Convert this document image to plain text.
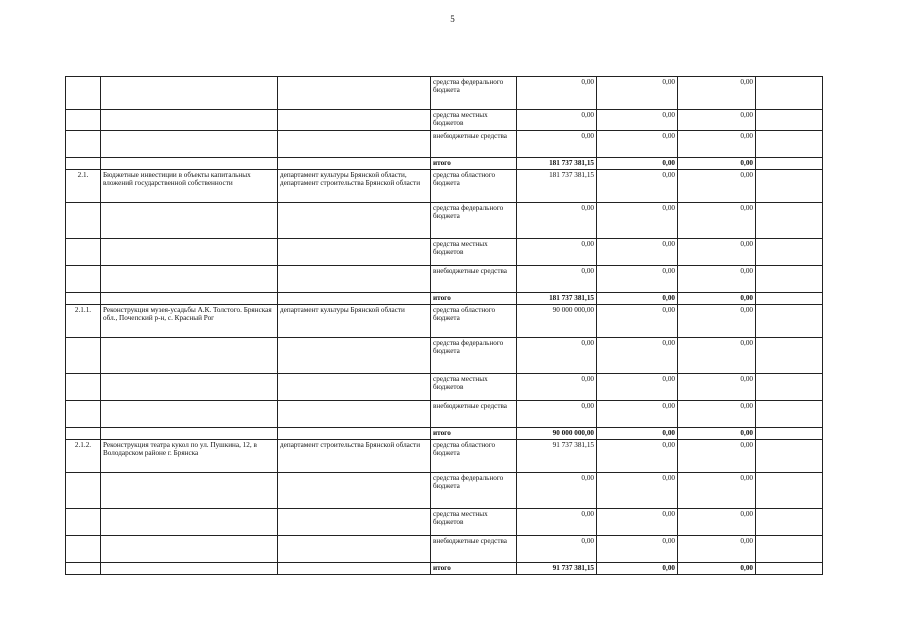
5
			средства федерального бюджета	0,00	0,00	0,00	
			средства местных бюджетов	0,00	0,00	0,00	
			внебюджетные средства	0,00	0,00	0,00	
			итого	181 737 381,15	0,00	0,00	
2.1.	Бюджетные инвестиции в объекты капитальных вложений государственной собственности	департамент культуры Брянской области, департамент строительства Брянской области	средства областного бюджета	181 737 381,15	0,00	0,00	
			средства федерального бюджета	0,00	0,00	0,00	
			средства местных бюджетов	0,00	0,00	0,00	
			внебюджетные средства	0,00	0,00	0,00	
			итого	181 737 381,15	0,00	0,00	
2.1.1.	Реконструкция музея-усадьбы А.К. Толстого. Брянская обл., Почепский р-н, с. Красный Рог	департамент культуры Брянской области	средства областного бюджета	90 000 000,00	0,00	0,00	
			средства федерального бюджета	0,00	0,00	0,00	
			средства местных бюджетов	0,00	0,00	0,00	
			внебюджетные средства	0,00	0,00	0,00	
			итого	90 000 000,00	0,00	0,00	
2.1.2.	Реконструкция театра кукол по ул. Пушкина, 12, в Володарском районе г. Брянска	департамент строительства Брянской области	средства областного бюджета	91 737 381,15	0,00	0,00	
			средства федерального бюджета	0,00	0,00	0,00	
			средства местных бюджетов	0,00	0,00	0,00	
			внебюджетные средства	0,00	0,00	0,00	
			итого	91 737 381,15	0,00	0,00	
